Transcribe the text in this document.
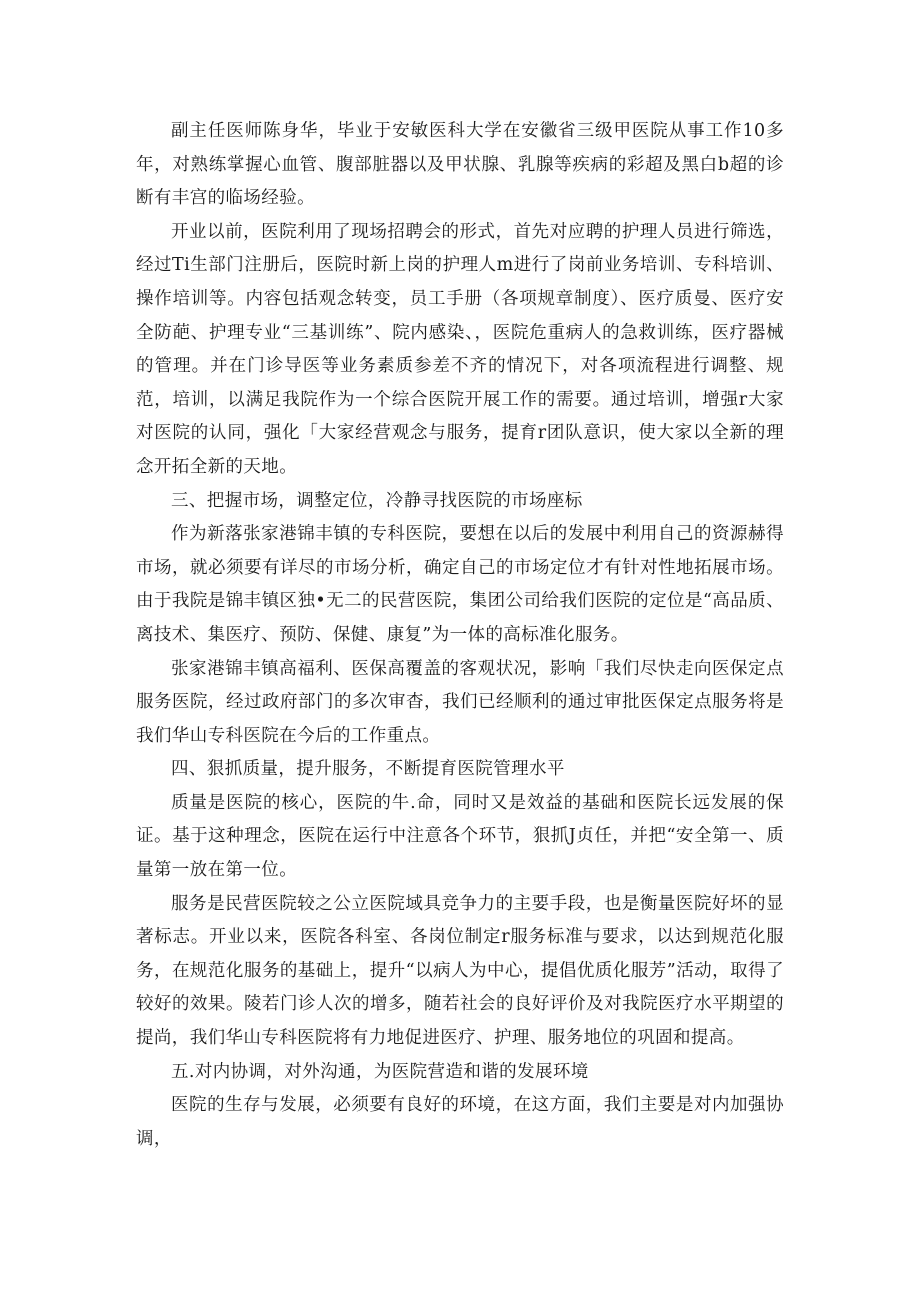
副主任医师陈身华，毕业于安敏医科大学在安徽省三级甲医院从事工作10多年，对熟练掌握心血管、腹部脏器以及甲状腺、乳腺等疾病的彩超及黑白b超的诊断有丰宫的临场经验。

开业以前，医院利用了现场招聘会的形式，首先对应聘的护理人员进行筛选，经过Ti生部门注册后，医院时新上岗的护理人m进行了岗前业务培训、专科培训、操作培训等。内容包括观念转变，员工手册（各项规章制度）、医疗质曼、医疗安全防葩、护理专业“三基训练”、院内感染、，医院危重病人的急救训练，医疗器械的管理。并在门诊导医等业务素质参差不齐的情况下，对各项流程进行调整、规范，培训，以满足我院作为一个综合医院开展工作的需要。通过培训，增强r大家对医院的认同，强化「大家经营观念与服务，提育r团队意识，使大家以全新的理念开拓全新的天地。

三、把握市场，调整定位，冷静寻找医院的市场座标

作为新落张家港锦丰镇的专科医院，要想在以后的发展中利用自己的资源赫得市场，就必须要有详尽的市场分析，确定自己的市场定位才有针对性地拓展市场。由于我院是锦丰镇区独•无二的民营医院，集团公司给我们医院的定位是“高品质、离技术、集医疗、预防、保健、康复”为一体的高标准化服务。

张家港锦丰镇高福利、医保高覆盖的客观状况，影响「我们尽快走向医保定点服务医院，经过政府部门的多次审杳，我们已经顺利的通过审批医保定点服务将是我们华山专科医院在今后的工作重点。

四、狠抓质量，提升服务，不断提育医院管理水平

质量是医院的核心，医院的牛.命，同时又是效益的基础和医院长远发展的保证。基于这种理念，医院在运行中注意各个环节，狠抓J贞任，并把“安全第一、质量第一放在第一位。

服务是民营医院较之公立医院域具竞争力的主要手段，也是衡量医院好坏的显著标志。开业以来，医院各科室、各岗位制定r服务标准与要求，以达到规范化服务，在规范化服务的基础上，提升“以病人为中心，提倡优质化服芳”活动，取得了较好的效果。陵若门诊人次的增多，随若社会的良好评价及对我院医疗水平期望的提尚，我们华山专科医院将有力地促进医疗、护理、服务地位的巩固和提高。

五.对内协调，对外沟通，为医院营造和谐的发展环境

医院的生存与发展，必须要有良好的环境，在这方面，我们主要是对内加强协调，
